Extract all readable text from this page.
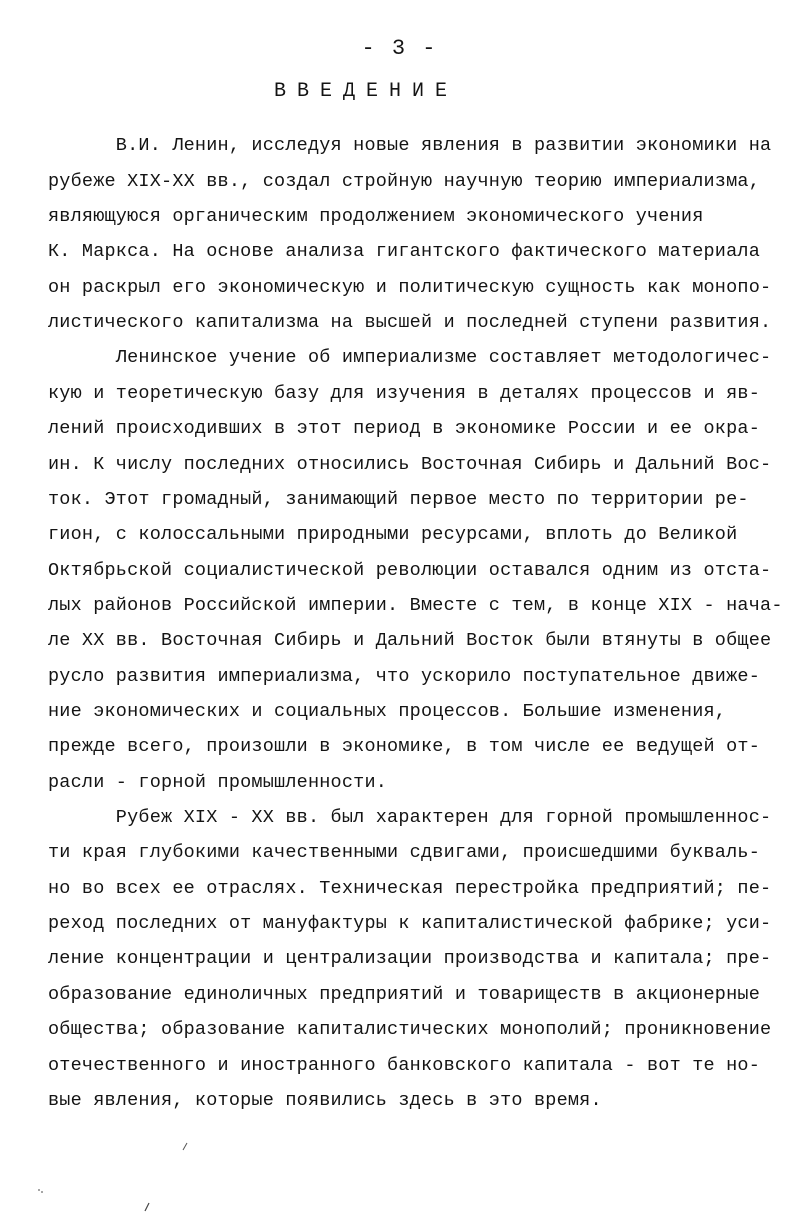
- 3 -
ВВЕДЕНИЕ
В.И. Ленин, исследуя новые явления в развитии экономики на
рубеже XIX-XX вв., создал стройную научную теорию империализма,
являющуюся органическим продолжением экономического учения
К. Маркса. На основе анализа гигантского фактического материала
он раскрыл его экономическую и политическую сущность как монопо-
листического капитализма на высшей и последней ступени развития.
Ленинское учение об империализме составляет методологичес-
кую и теоретическую базу для изучения в деталях процессов и яв-
лений происходивших в этот период в экономике России и ее окра-
ин. К числу последних относились Восточная Сибирь и Дальний Вос-
ток. Этот громадный, занимающий первое место по территории ре-
гион, с колоссальными природными ресурсами, вплоть до Великой
Октябрьской социалистической революции оставался одним из отста-
лых районов Российской империи. Вместе с тем, в конце XIX - нача-
ле XX вв. Восточная Сибирь и Дальний Восток были втянуты в общее
русло развития империализма, что ускорило поступательное движе-
ние экономических и социальных процессов. Большие изменения,
прежде всего, произошли в экономике, в том числе ее ведущей от-
расли - горной промышленности.
Рубеж XIX - XX вв. был характерен для горной промышленнос-
ти края глубокими качественными сдвигами, происшедшими букваль-
но во всех ее отраслях. Техническая перестройка предприятий; пе-
реход последних от мануфактуры к капиталистической фабрике; уси-
ление концентрации и централизации производства и капитала; пре-
образование единоличных предприятий и товариществ в акционерные
общества; образование капиталистических монополий; проникновение
отечественного и иностранного банковского капитала - вот те но-
вые явления, которые появились здесь в это время.
